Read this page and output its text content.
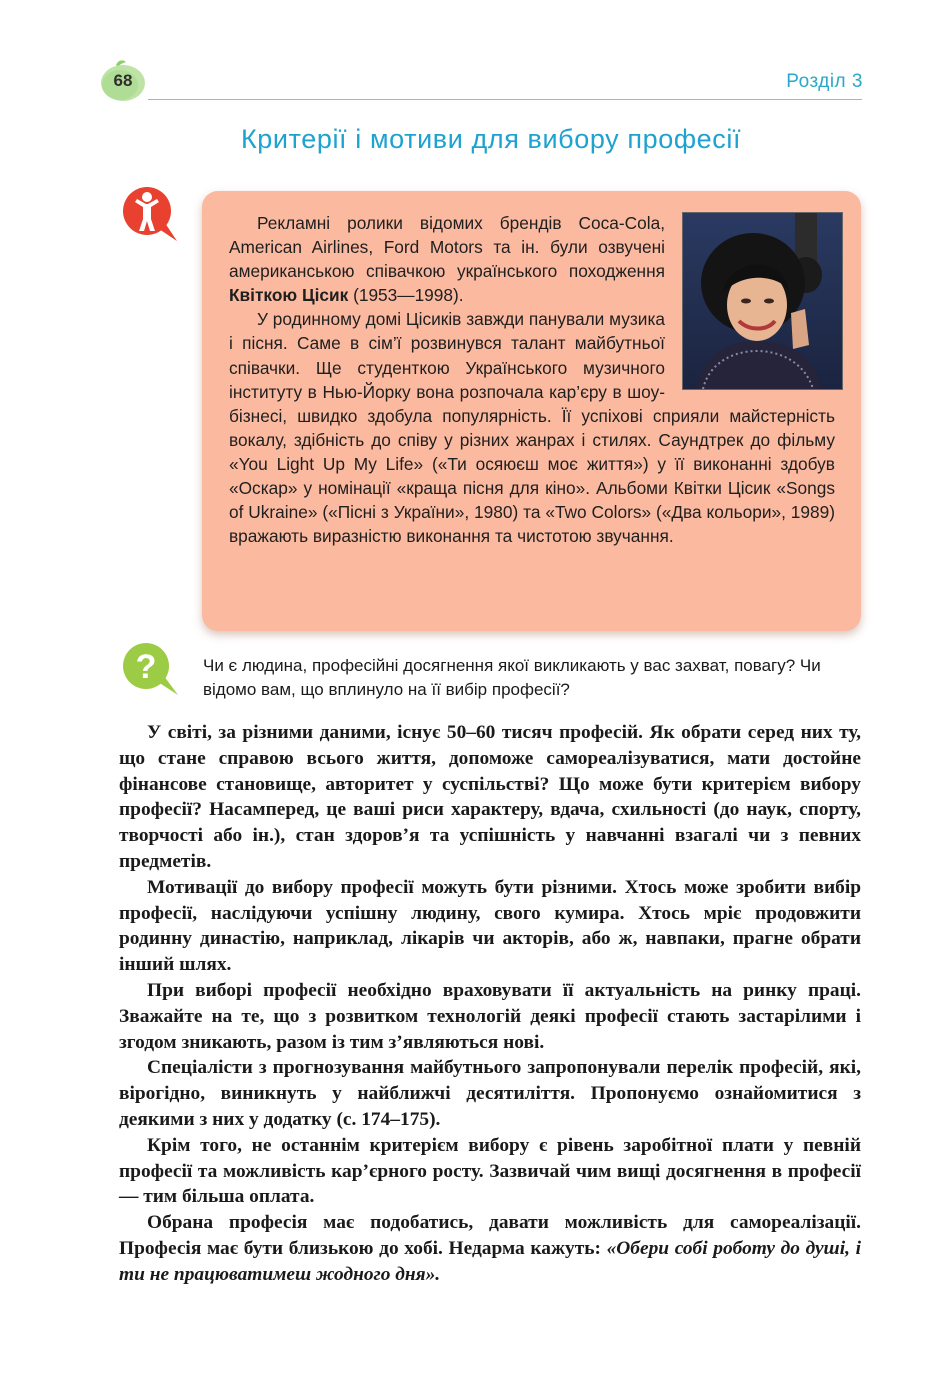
68	Розділ 3
Критерії і мотиви для вибору професії

Рекламні ролики відомих брендів Coca-Cola, American Airlines, Ford Motors та ін. були озвучені американською співачкою українського походження Квіткою Цісик (1953—1998).

У родинному домі Цісиків завжди панували музика і пісня. Саме в сім’ї розвинувся талант майбутньої співачки. Ще студенткою Українського музичного інституту в Нью-Йорку вона розпочала кар’єру в шоу-бізнесі, швидко здобула популярність. Її успіхові сприяли майстерність вокалу, здібність до співу у різних жанрах і стилях. Саундтрек до фільму «You Light Up My Life» («Ти осяюєш моє життя») у її виконанні здобув «Оскар» у номінації «краща пісня для кіно». Альбоми Квітки Цісик «Songs of Ukraine» («Пісні з України», 1980) та «Two Colors» («Два кольори», 1989) вражають виразністю виконання та чистотою звучання.

?	Чи є людина, професійні досягнення якої викликають у вас захват, повагу? Чи відомо вам, що вплинуло на її вибір професії?

У світі, за різними даними, існує 50–60 тисяч професій. Як обрати серед них ту, що стане справою всього життя, допоможе самореалізуватися, мати достойне фінансове становище, авторитет у суспільстві? Що може бути критерієм вибору професії? Насамперед, це ваші риси характеру, вдача, схильності (до наук, спорту, творчості або ін.), стан здоров’я та успішність у навчанні взагалі чи з певних предметів.

Мотивації до вибору професії можуть бути різними. Хтось може зробити вибір професії, наслідуючи успішну людину, свого кумира. Хтось мріє продовжити родинну династію, наприклад, лікарів чи акторів, або ж, навпаки, прагне обрати інший шлях.

При виборі професії необхідно враховувати її актуальність на ринку праці. Зважайте на те, що з розвитком технологій деякі професії стають застарілими і згодом зникають, разом із тим з’являються нові.

Спеціалісти з прогнозування майбутнього запропонували перелік професій, які, вірогідно, виникнуть у найближчі десятиліття. Пропонуємо ознайомитися з деякими з них у додатку (с. 174–175).

Крім того, не останнім критерієм вибору є рівень заробітної плати у певній професії та можливість кар’єрного росту. Зазвичай чим вищі досягнення в професії — тим більша оплата.

Обрана професія має подобатись, давати можливість для самореалізації. Професія має бути близькою до хобі. Недарма кажуть: «Обери собі роботу до душі, і ти не працюватимеш жодного дня».
